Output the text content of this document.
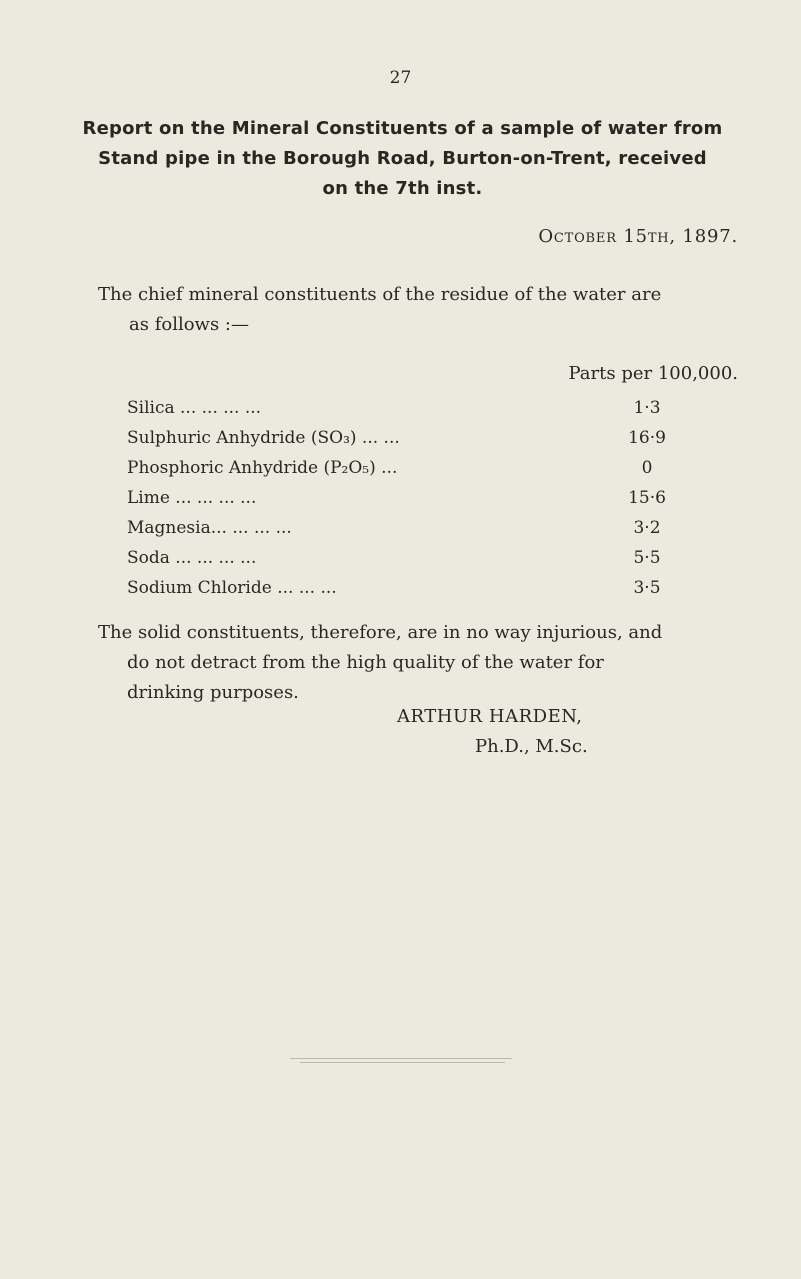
27
Report on the Mineral Constituents of a sample of water from
Stand pipe in the Borough Road, Burton-on-Trent, received
on the 7th inst.
October 15th, 1897.
The chief mineral constituents of the residue of the water are
as follows :—
Parts per 100,000.
Silica ... ... ... ...	1·3
Sulphuric Anhydride (SO₃) ... ...	16·9
Phosphoric Anhydride (P₂O₅) ...	0
Lime ... ... ... ...	15·6
Magnesia... ... ... ...	3·2
Soda ... ... ... ...	5·5
Sodium Chloride ... ... ...	3·5
The solid constituents, therefore, are in no way injurious, and
do not detract from the high quality of the water for
drinking purposes.
ARTHUR HARDEN,
Ph.D., M.Sc.
